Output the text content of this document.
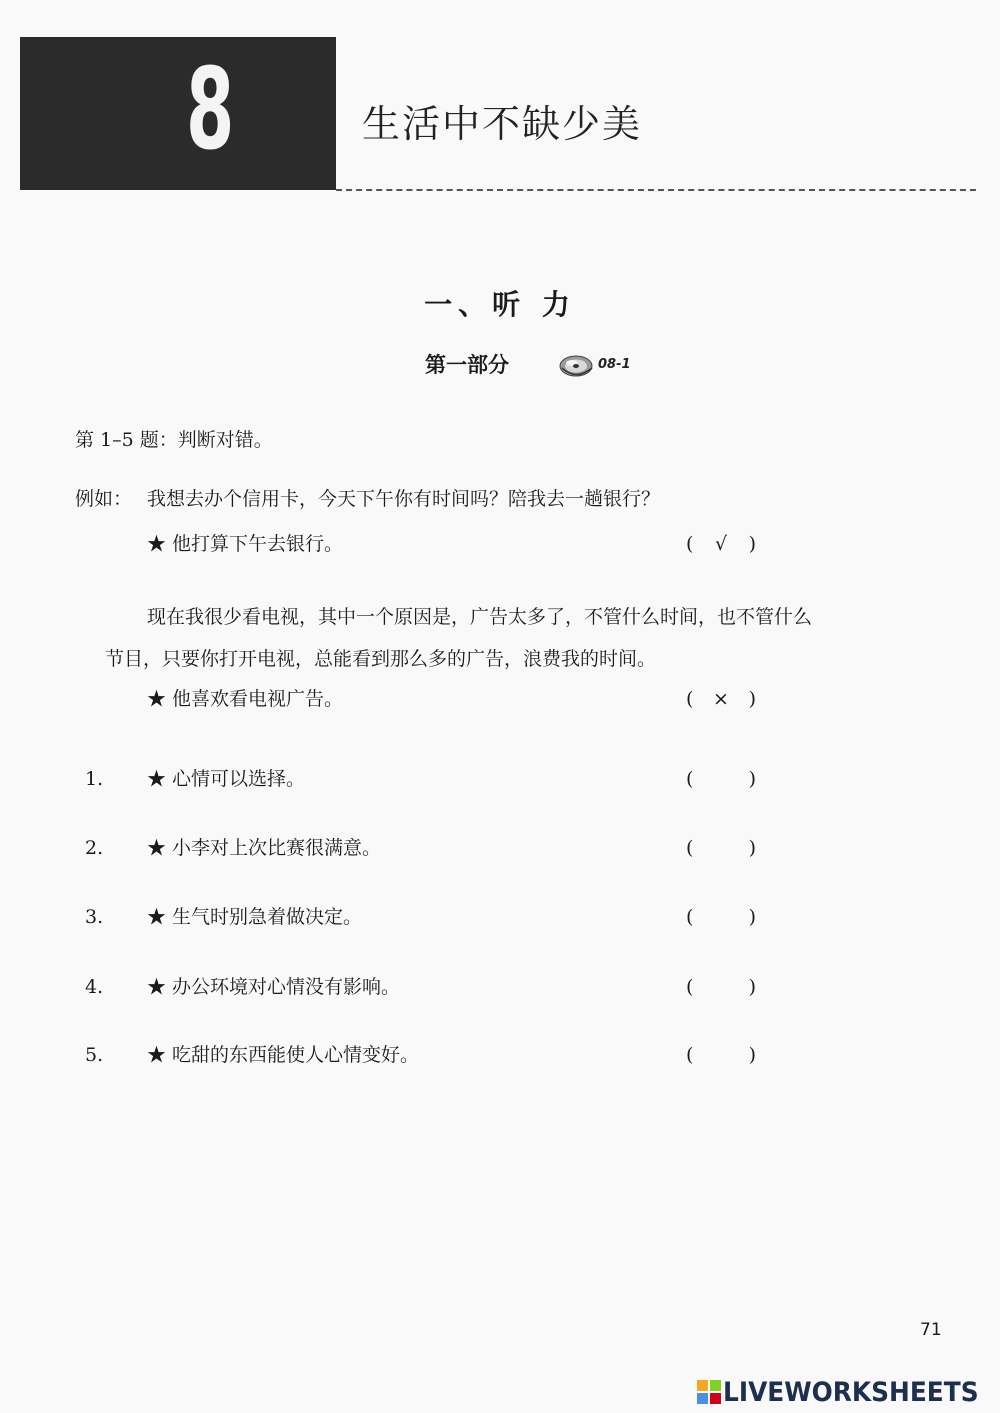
8	生活中不缺少美
一、听 力
第一部分	08-1
第 1–5 题：判断对错。
例如： 我想去办个信用卡，今天下午你有时间吗？陪我去一趟银行？
★ 他打算下午去银行。	(	√	)
现在我很少看电视，其中一个原因是，广告太多了，不管什么时间，也不管什么
节目，只要你打开电视，总能看到那么多的广告，浪费我的时间。
★ 他喜欢看电视广告。	(	×	)
1. ★ 心情可以选择。	(	)
2. ★ 小李对上次比赛很满意。	(	)
3. ★ 生气时别急着做决定。	(	)
4. ★ 办公环境对心情没有影响。	(	)
5. ★ 吃甜的东西能使人心情变好。	(	)
71
LIVEWORKSHEETS
